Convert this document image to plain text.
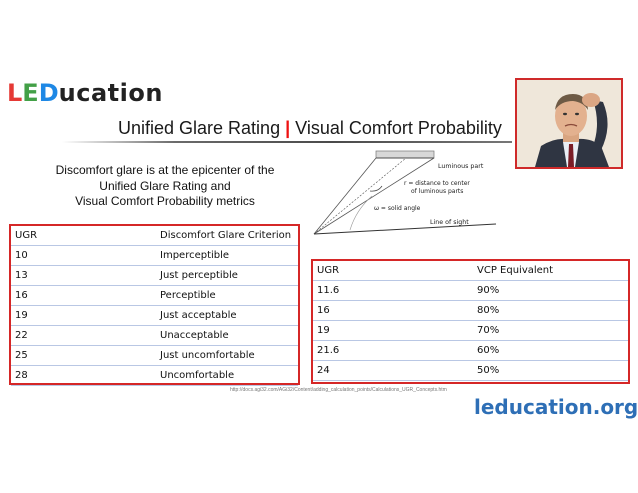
LEDucation
Unified Glare Rating | Visual Comfort Probability
Discomfort glare is at the epicenter of the
Unified Glare Rating and
Visual Comfort Probability metrics
Luminous part
r = distance to center
of luminous parts
ω = solid angle
Line of sight
UGR	Discomfort Glare Criterion
10	Imperceptible
13	Just perceptible
16	Perceptible
19	Just acceptable
22	Unacceptable
25	Just uncomfortable
28	Uncomfortable
UGR	VCP Equivalent
11.6	90%
16	80%
19	70%
21.6	60%
24	50%
http://docs.agi32.com/AGi32/Content/adding_calculation_points/Calculations_UGR_Concepts.htm
leducation.org
